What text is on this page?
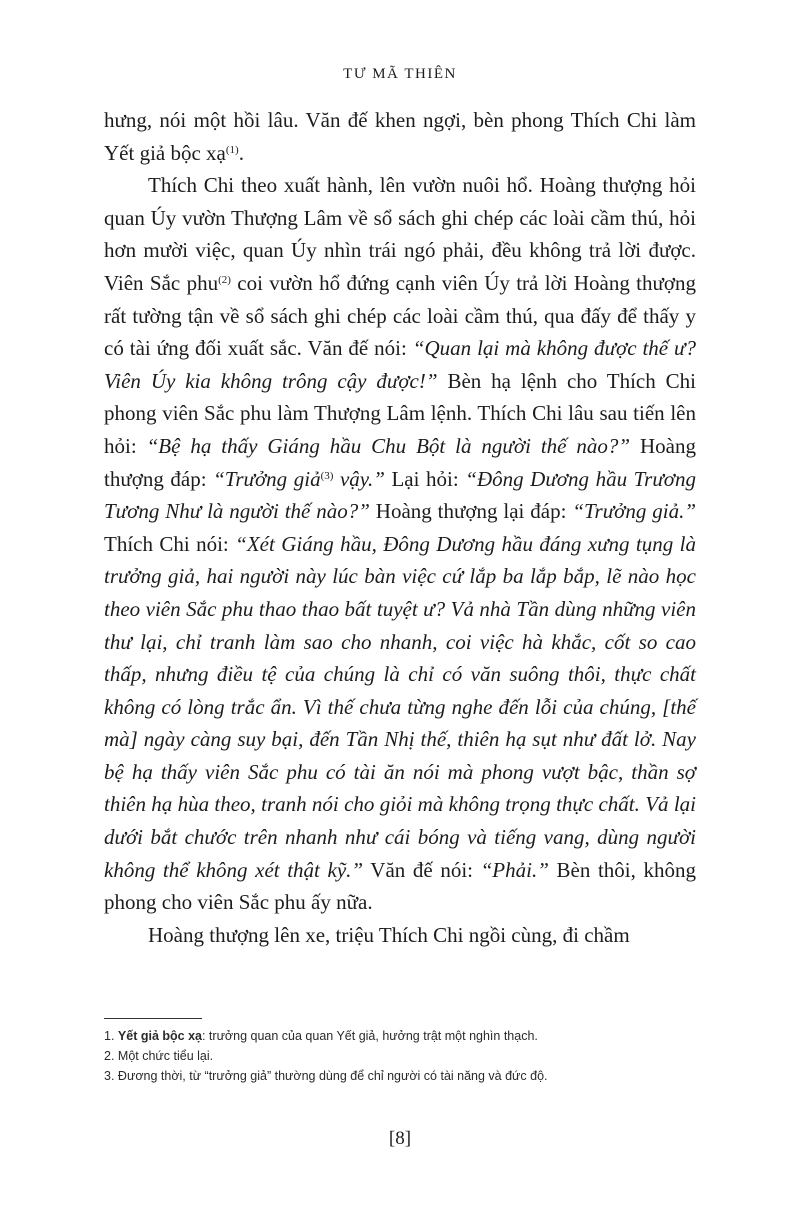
TƯ MÃ THIÊN

hưng, nói một hồi lâu. Văn đế khen ngợi, bèn phong Thích Chi làm Yết giả bộc xạ$^{(1)}$.

Thích Chi theo xuất hành, lên vườn nuôi hổ. Hoàng thượng hỏi quan Úy vườn Thượng Lâm về sổ sách ghi chép các loài cầm thú, hỏi hơn mười việc, quan Úy nhìn trái ngó phải, đều không trả lời được. Viên Sắc phu$^{(2)}$ coi vườn hổ đứng cạnh viên Úy trả lời Hoàng thượng rất tường tận về sổ sách ghi chép các loài cầm thú, qua đấy để thấy y có tài ứng đối xuất sắc. Văn đế nói: “Quan lại mà không được thế ư? Viên Úy kia không trông cậy được!” Bèn hạ lệnh cho Thích Chi phong viên Sắc phu làm Thượng Lâm lệnh. Thích Chi lâu sau tiến lên hỏi: “Bệ hạ thấy Giáng hầu Chu Bột là người thế nào?” Hoàng thượng đáp: “Trưởng giả$^{(3)}$ vậy.” Lại hỏi: “Đông Dương hầu Trương Tương Như là người thế nào?” Hoàng thượng lại đáp: “Trưởng giả.” Thích Chi nói: “Xét Giáng hầu, Đông Dương hầu đáng xưng tụng là trưởng giả, hai người này lúc bàn việc cứ lắp ba lắp bắp, lẽ nào học theo viên Sắc phu thao thao bất tuyệt ư? Vả nhà Tần dùng những viên thư lại, chỉ tranh làm sao cho nhanh, coi việc hà khắc, cốt so cao thấp, nhưng điều tệ của chúng là chỉ có văn suông thôi, thực chất không có lòng trắc ẩn. Vì thế chưa từng nghe đến lỗi của chúng, [thế mà] ngày càng suy bại, đến Tần Nhị thế, thiên hạ sụt như đất lở. Nay bệ hạ thấy viên Sắc phu có tài ăn nói mà phong vượt bậc, thần sợ thiên hạ hùa theo, tranh nói cho giỏi mà không trọng thực chất. Vả lại dưới bắt chước trên nhanh như cái bóng và tiếng vang, dùng người không thể không xét thật kỹ.” Văn đế nói: “Phải.” Bèn thôi, không phong cho viên Sắc phu ấy nữa.

Hoàng thượng lên xe, triệu Thích Chi ngồi cùng, đi chầm

1. Yết giả bộc xạ: trưởng quan của quan Yết giả, hưởng trật một nghìn thạch.
2. Một chức tiểu lại.
3. Đương thời, từ “trưởng giả” thường dùng để chỉ người có tài năng và đức độ.
[8]
